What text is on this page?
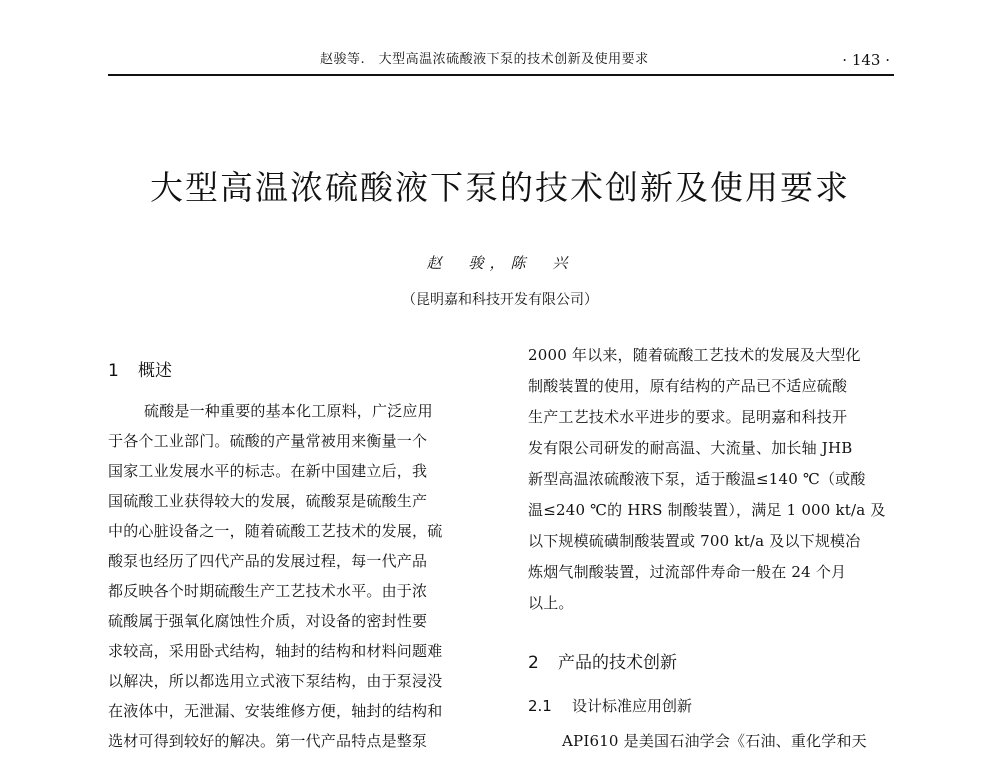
赵骏等.　大型高温浓硫酸液下泵的技术创新及使用要求	· 143 ·
大型高温浓硫酸液下泵的技术创新及使用要求
赵　骏，陈　兴
（昆明嘉和科技开发有限公司）
1 概述
硫酸是一种重要的基本化工原料，广泛应用
于各个工业部门。硫酸的产量常被用来衡量一个
国家工业发展水平的标志。在新中国建立后，我
国硫酸工业获得较大的发展，硫酸泵是硫酸生产
中的心脏设备之一，随着硫酸工艺技术的发展，硫
酸泵也经历了四代产品的发展过程，每一代产品
都反映各个时期硫酸生产工艺技术水平。由于浓
硫酸属于强氧化腐蚀性介质，对设备的密封性要
求较高，采用卧式结构，轴封的结构和材料问题难
以解决，所以都选用立式液下泵结构，由于泵浸没
在液体中，无泄漏、安装维修方便，轴封的结构和
选材可得到较好的解决。第一代产品特点是整泵
2000 年以来，随着硫酸工艺技术的发展及大型化
制酸装置的使用，原有结构的产品已不适应硫酸
生产工艺技术水平进步的要求。昆明嘉和科技开
发有限公司研发的耐高温、大流量、加长轴 JHB
新型高温浓硫酸液下泵，适于酸温≤140 ℃（或酸
温≤240 ℃的 HRS 制酸装置），满足 1 000 kt/a 及
以下规模硫磺制酸装置或 700 kt/a 及以下规模冶
炼烟气制酸装置，过流部件寿命一般在 24 个月
以上。
2 产品的技术创新
2.1 设计标准应用创新
API610 是美国石油学会《石油、重化学和天
